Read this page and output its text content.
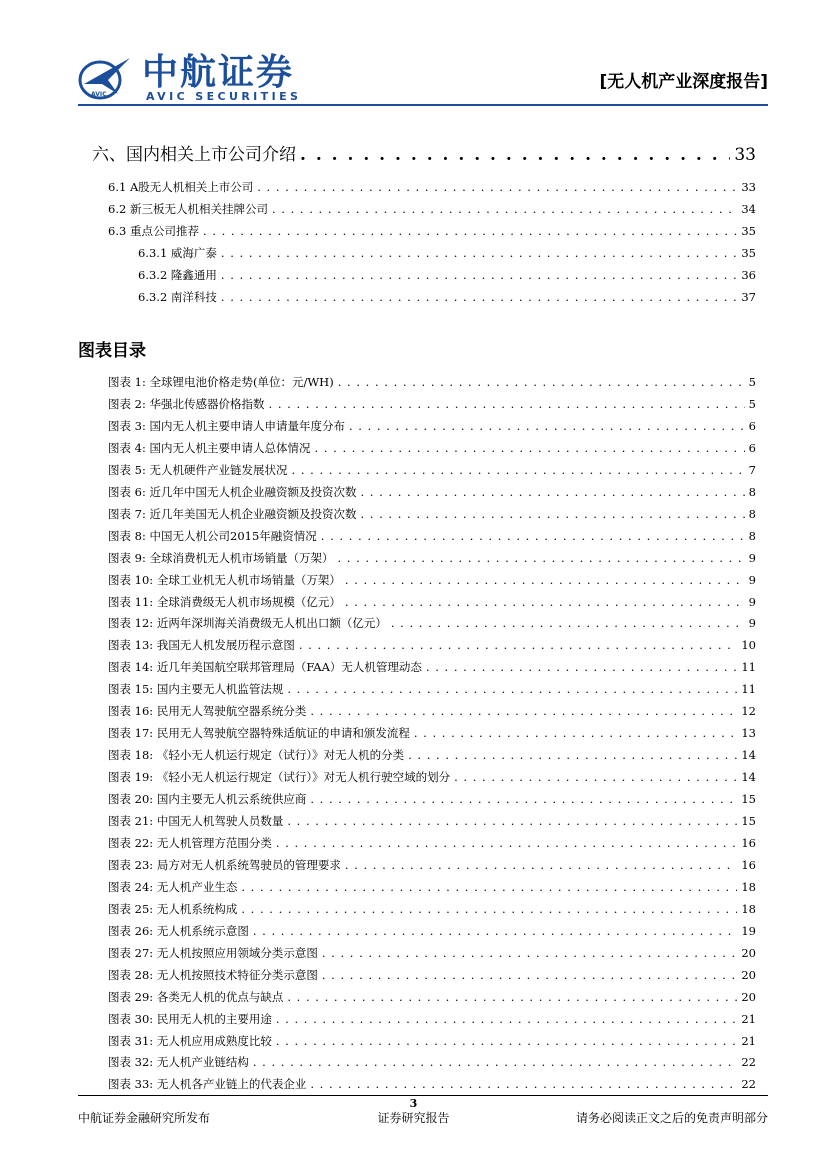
AVIC
中航证券
AVIC SECURITIES
[无人机产业深度报告]
六、国内相关上市公司介绍 . . .	33
6.1 A股无人机相关上市公司 . . .	33
6.2 新三板无人机相关挂牌公司 . . .	34
6.3 重点公司推荐 . . .	35
6.3.1 威海广泰 . . .	35
6.3.2 隆鑫通用 . . .	36
6.3.2 南洋科技 . . .	37
图表目录
图表 1: 全球锂电池价格走势(单位：元/WH) . . .	5
图表 2: 华强北传感器价格指数 . . .	5
图表 3: 国内无人机主要申请人申请量年度分布 . . .	6
图表 4: 国内无人机主要申请人总体情况 . . .	6
图表 5: 无人机硬件产业链发展状况 . . .	7
图表 6: 近几年中国无人机企业融资额及投资次数 . . .	8
图表 7: 近几年美国无人机企业融资额及投资次数 . . .	8
图表 8: 中国无人机公司2015年融资情况 . . .	8
图表 9: 全球消费机无人机市场销量（万架） . . .	9
图表 10: 全球工业机无人机市场销量（万架） . . .	9
图表 11: 全球消费级无人机市场规模（亿元） . . .	9
图表 12: 近两年深圳海关消费级无人机出口额（亿元） . . .	9
图表 13: 我国无人机发展历程示意图 . . .	10
图表 14: 近几年美国航空联邦管理局（FAA）无人机管理动态 . . .	11
图表 15: 国内主要无人机监管法规 . . .	11
图表 16: 民用无人驾驶航空器系统分类 . . .	12
图表 17: 民用无人驾驶航空器特殊适航证的申请和颁发流程 . . .	13
图表 18: 《轻小无人机运行规定（试行）》对无人机的分类 . . .	14
图表 19: 《轻小无人机运行规定（试行）》对无人机行驶空域的划分 . . .	14
图表 20: 国内主要无人机云系统供应商 . . .	15
图表 21: 中国无人机驾驶人员数量 . . .	15
图表 22: 无人机管理方范围分类 . . .	16
图表 23: 局方对无人机系统驾驶员的管理要求 . . .	16
图表 24: 无人机产业生态 . . .	18
图表 25: 无人机系统构成 . . .	18
图表 26: 无人机系统示意图 . . .	19
图表 27: 无人机按照应用领域分类示意图 . . .	20
图表 28: 无人机按照技术特征分类示意图 . . .	20
图表 29: 各类无人机的优点与缺点 . . .	20
图表 30: 民用无人机的主要用途 . . .	21
图表 31: 无人机应用成熟度比较 . . .	21
图表 32: 无人机产业链结构 . . .	22
图表 33: 无人机各产业链上的代表企业 . . .	22
3
中航证券金融研究所发布	证券研究报告	请务必阅读正文之后的免责声明部分
